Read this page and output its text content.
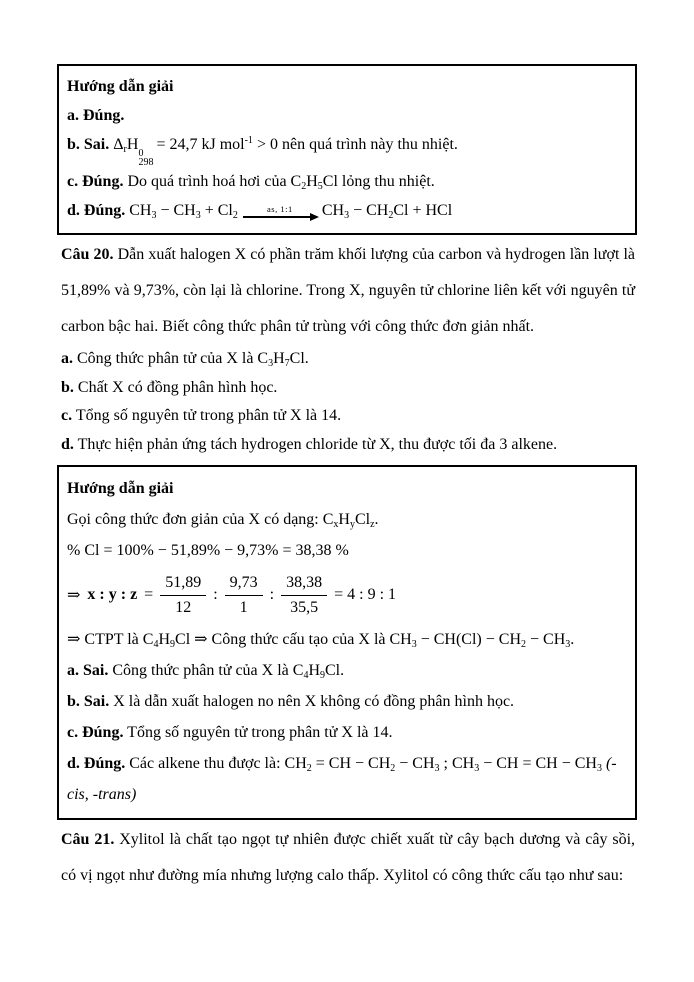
Hướng dẫn giải

a. Đúng.

b. Sai. $\Delta_rH$
0
298
= 24,7 kJ mol$^{-1}$ > 0 nên quá trình này thu nhiệt.

c. Đúng. Do quá trình hoá hơi của $C_2H_5Cl$ lỏng thu nhiệt.

d. Đúng. $CH_3 - CH_3 + Cl_2$
as, 1:1 $CH_3 - CH_2Cl$ + HCl

Câu 20. Dẫn xuất halogen X có phần trăm khối lượng của carbon và hydrogen lần lượt là 51,89% và 9,73%, còn lại là chlorine. Trong X, nguyên tử chlorine liên kết với nguyên tử carbon bậc hai. Biết công thức phân tử trùng với công thức đơn giản nhất.

a. Công thức phân tử của X là $C_3H_7Cl$.

b. Chất X có đồng phân hình học.

c. Tổng số nguyên tử trong phân tử X là 14.

d. Thực hiện phản ứng tách hydrogen chloride từ X, thu được tối đa 3 alkene.

Hướng dẫn giải

Gọi công thức đơn giản của X có dạng: $C_xH_yCl_z$.

% Cl = 100% − 51,89% − 9,73% = 38,38 %

⇒ x : y : $z = \frac{51,89}{12}$ : $\frac{9,73}{1}$ : $\frac{38,38}{35,5} = 4$ : 9 : 1

⇒ CTPT là $C_4H_9Cl$ ⇒ Công thức cấu tạo của X là $CH_3 - CH(Cl) - CH_2 - CH_3$.

a. Sai. Công thức phân tử của X là $C_4H_9Cl$.

b. Sai. X là dẫn xuất halogen no nên X không có đồng phân hình học.

c. Đúng. Tổng số nguyên tử trong phân tử X là 14.

d. Đúng. Các alkene thu được là: $CH_2$ = CH − $CH_2 - CH_3$ ; $CH_3$ − CH = CH − $CH_3$ (-cis, -trans)

Câu 21. Xylitol là chất tạo ngọt tự nhiên được chiết xuất từ cây bạch dương và cây sồi, có vị ngọt như đường mía nhưng lượng calo thấp. Xylitol có công thức cấu tạo như sau:
